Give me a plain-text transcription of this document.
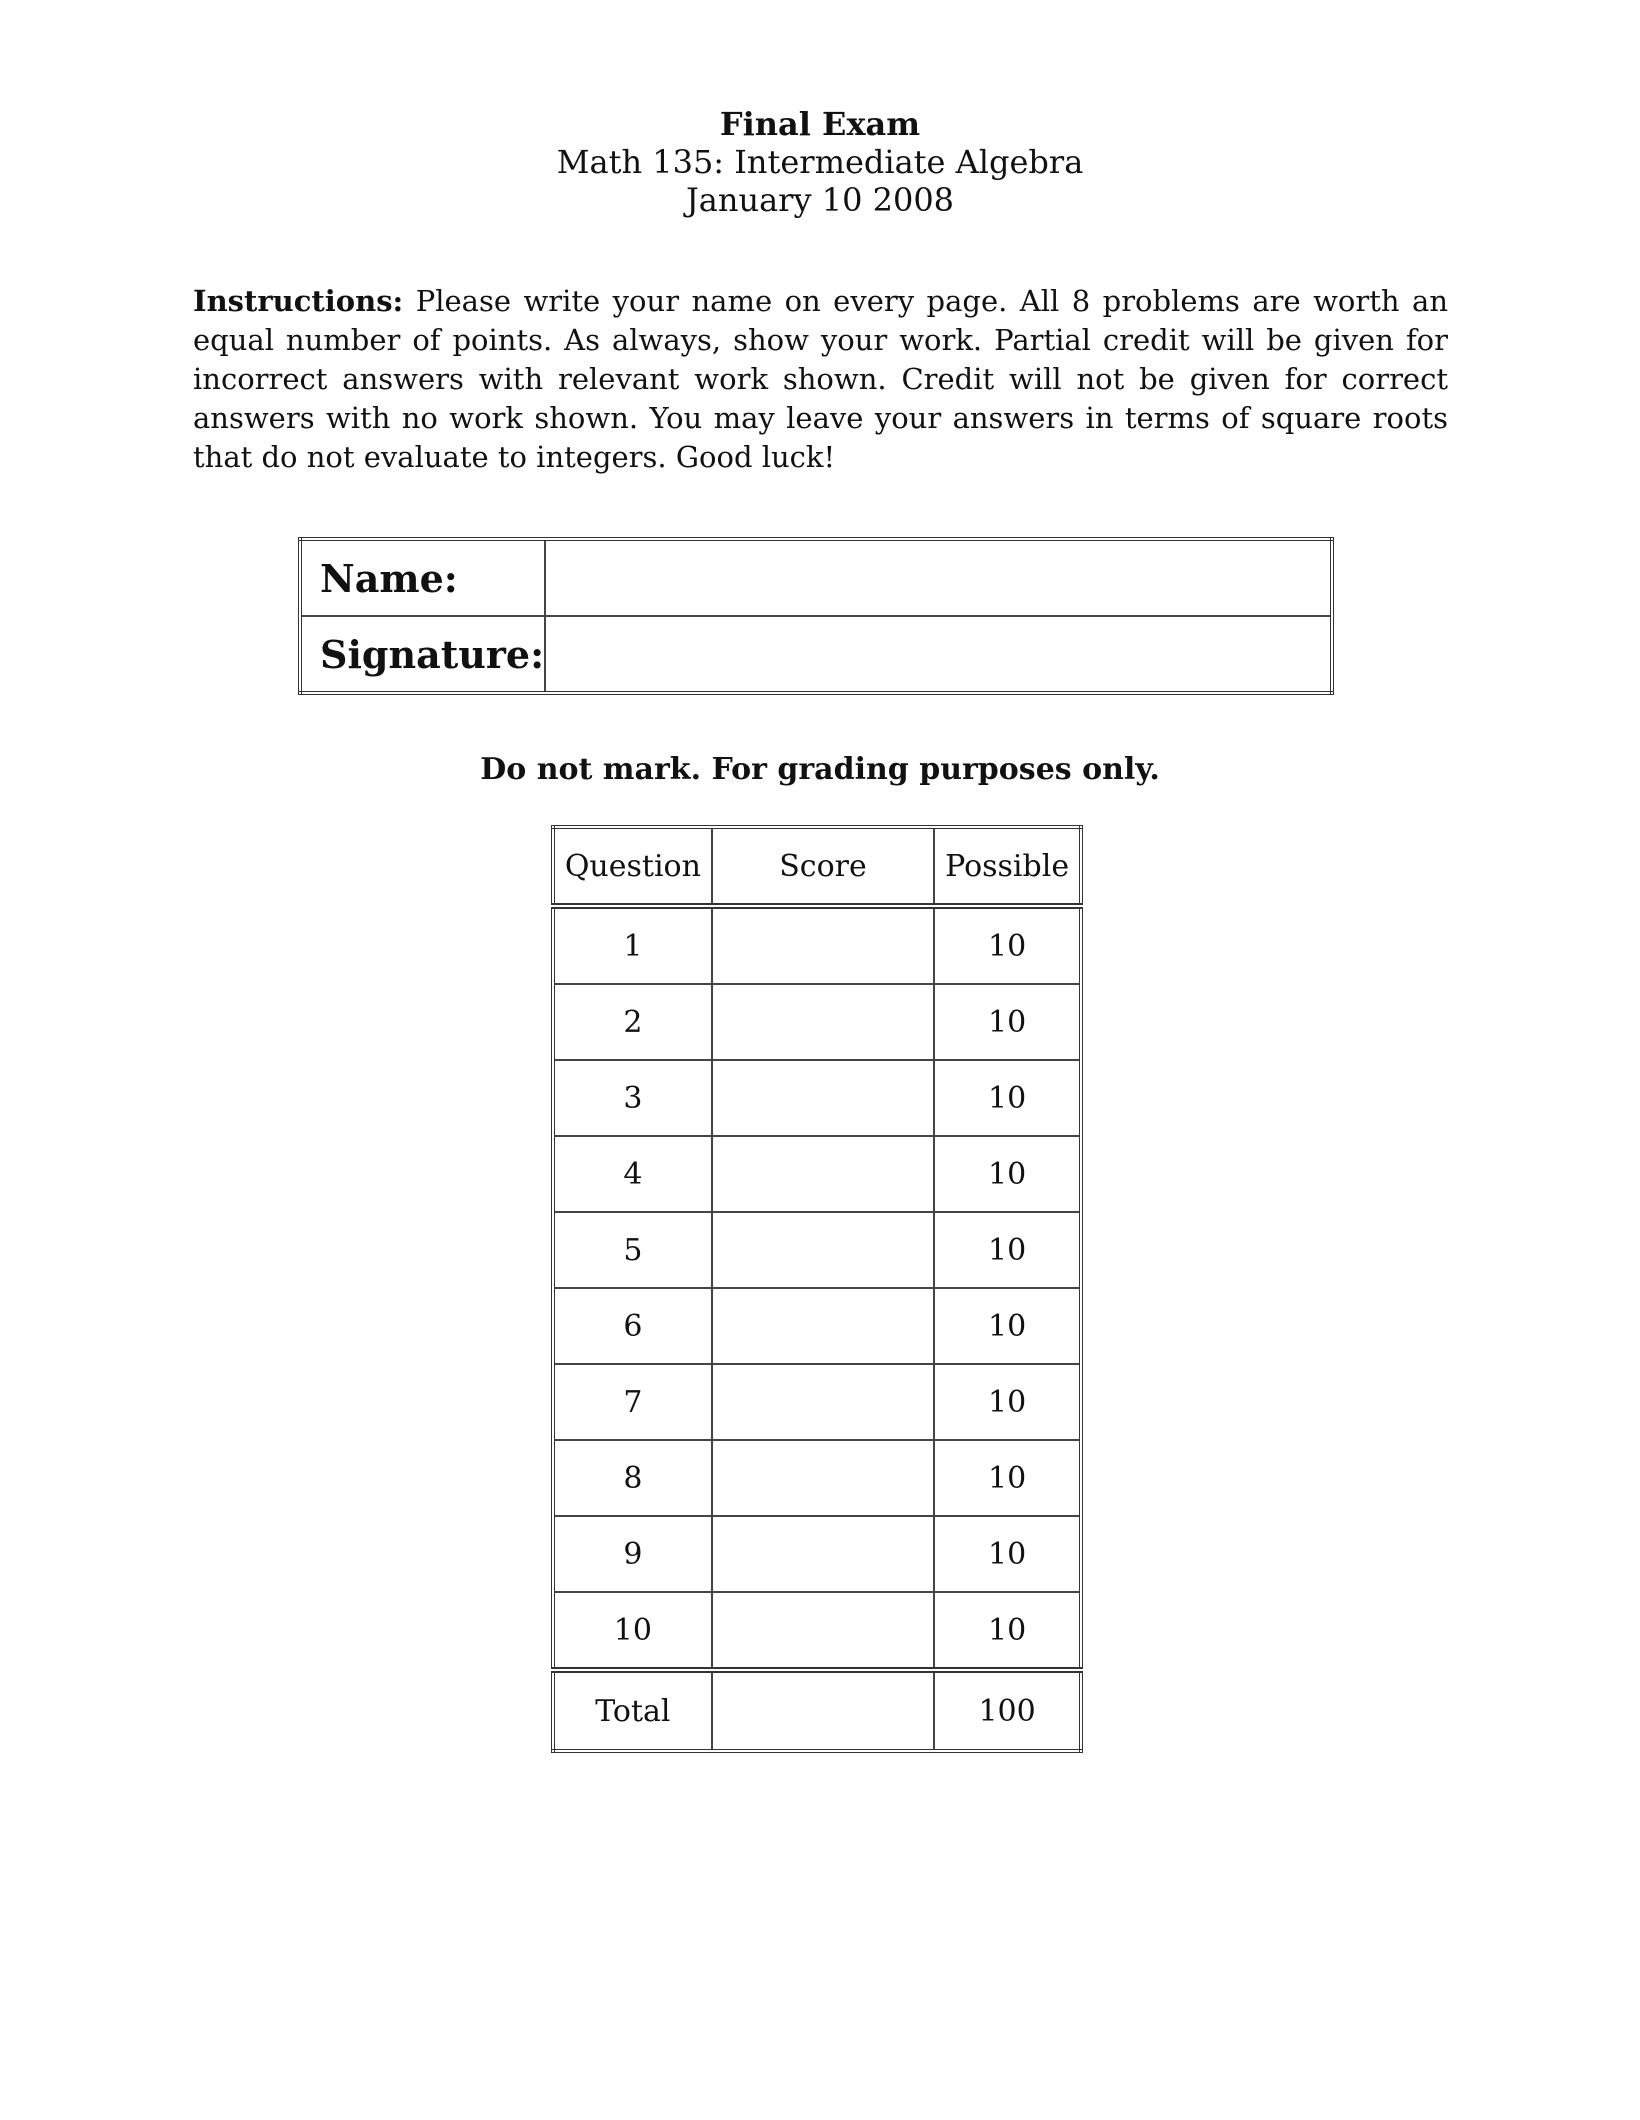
Final Exam
Math 135: Intermediate Algebra
January 10 2008
Instructions: Please write your name on every page. All 8 problems are worth an equal number of points. As always, show your work. Partial credit will be given for incorrect answers with relevant work shown. Credit will not be given for correct answers with no work shown. You may leave your answers in terms of square roots that do not evaluate to integers. Good luck!
Name:	
Signature:	
Do not mark. For grading purposes only.
Question	Score	Possible
1		10
2		10
3		10
4		10
5		10
6		10
7		10
8		10
9		10
10		10
Total		100
